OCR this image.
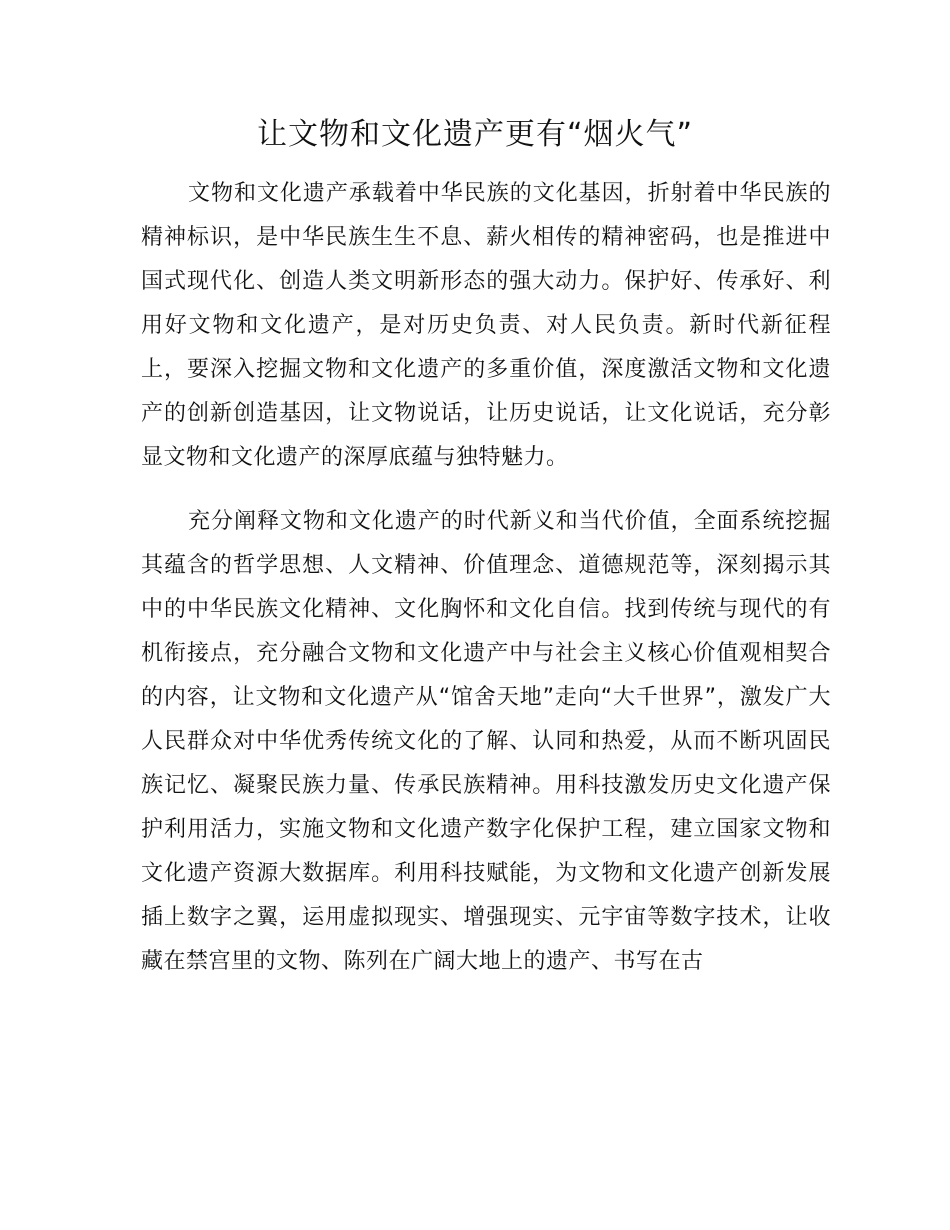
让文物和文化遗产更有“烟火气”

文物和文化遗产承载着中华民族的文化基因，折射着中华民族的精神标识，是中华民族生生不息、薪火相传的精神密码，也是推进中国式现代化、创造人类文明新形态的强大动力。保护好、传承好、利用好文物和文化遗产，是对历史负责、对人民负责。新时代新征程上，要深入挖掘文物和文化遗产的多重价值，深度激活文物和文化遗产的创新创造基因，让文物说话，让历史说话，让文化说话，充分彰显文物和文化遗产的深厚底蕴与独特魅力。

充分阐释文物和文化遗产的时代新义和当代价值，全面系统挖掘其蕴含的哲学思想、人文精神、价值理念、道德规范等，深刻揭示其中的中华民族文化精神、文化胸怀和文化自信。找到传统与现代的有机衔接点，充分融合文物和文化遗产中与社会主义核心价值观相契合的内容，让文物和文化遗产从“馆舍天地”走向“大千世界”，激发广大人民群众对中华优秀传统文化的了解、认同和热爱，从而不断巩固民族记忆、凝聚民族力量、传承民族精神。用科技激发历史文化遗产保护利用活力，实施文物和文化遗产数字化保护工程，建立国家文物和文化遗产资源大数据库。利用科技赋能，为文物和文化遗产创新发展插上数字之翼，运用虚拟现实、增强现实、元宇宙等数字技术，让收藏在禁宫里的文物、陈列在广阔大地上的遗产、书写在古
